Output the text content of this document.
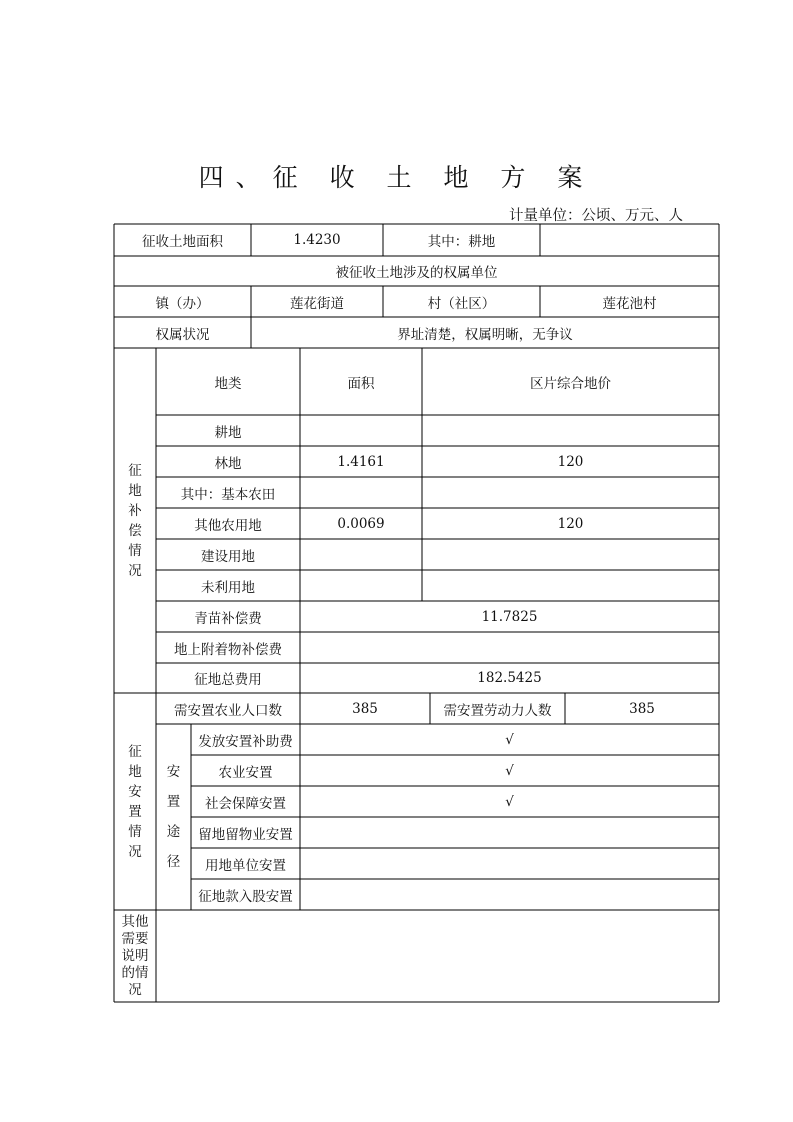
四、征 收 土 地 方 案
计量单位：公顷、万元、人
征收土地面积	1.4230	其中：耕地
被征收土地涉及的权属单位
镇（办）	莲花街道	村（社区）	莲花池村
权属状况	界址清楚，权属明晰，无争议
征
地
补
偿
情
况
地类	面积	区片综合地价
耕地
林地	1.4161	120
其中：基本农田
其他农用地	0.0069	120
建设用地
未利用地
青苗补偿费	11.7825
地上附着物补偿费
征地总费用	182.5425
征
地
安
置
情
况
需安置农业人口数	385	需安置劳动力人数	385
安
置
途
径
发放安置补助费	√
农业安置	√
社会保障安置	√
留地留物业安置
用地单位安置
征地款入股安置
其他
需要
说明
的情
况
